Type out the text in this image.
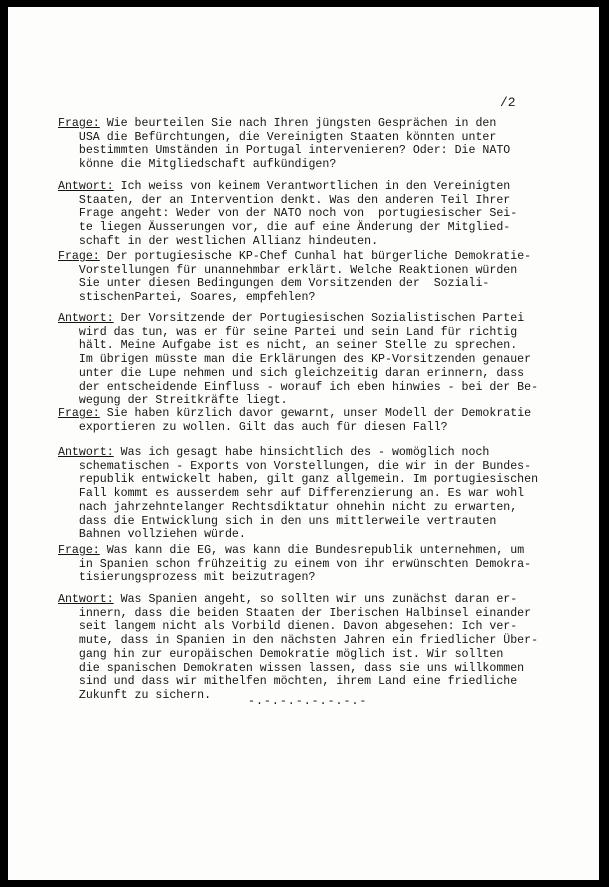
/2
Frage: Wie beurteilen Sie nach Ihren jüngsten Gesprächen in den
USA die Befürchtungen, die Vereinigten Staaten könnten unter
bestimmten Umständen in Portugal intervenieren? Oder: Die NATO
könne die Mitgliedschaft aufkündigen?
Antwort: Ich weiss von keinem Verantwortlichen in den Vereinigten
Staaten, der an Intervention denkt. Was den anderen Teil Ihrer
Frage angeht: Weder von der NATO noch von  portugiesischer Sei-
te liegen Äusserungen vor, die auf eine Änderung der Mitglied-
schaft in der westlichen Allianz hindeuten.
Frage: Der portugiesische KP-Chef Cunhal hat bürgerliche Demokratie-
Vorstellungen für unannehmbar erklärt. Welche Reaktionen würden
Sie unter diesen Bedingungen dem Vorsitzenden der  Soziali-
stischenPartei, Soares, empfehlen?
Antwort: Der Vorsitzende der Portugiesischen Sozialistischen Partei
wird das tun, was er für seine Partei und sein Land für richtig
hält. Meine Aufgabe ist es nicht, an seiner Stelle zu sprechen.
Im übrigen müsste man die Erklärungen des KP-Vorsitzenden genauer
unter die Lupe nehmen und sich gleichzeitig daran erinnern, dass
der entscheidende Einfluss - worauf ich eben hinwies - bei der Be-
wegung der Streitkräfte liegt.
Frage: Sie haben kürzlich davor gewarnt, unser Modell der Demokratie
exportieren zu wollen. Gilt das auch für diesen Fall?
Antwort: Was ich gesagt habe hinsichtlich des - womöglich noch
schematischen - Exports von Vorstellungen, die wir in der Bundes-
republik entwickelt haben, gilt ganz allgemein. Im portugiesischen
Fall kommt es ausserdem sehr auf Differenzierung an. Es war wohl
nach jahrzehntelanger Rechtsdiktatur ohnehin nicht zu erwarten,
dass die Entwicklung sich in den uns mittlerweile vertrauten
Bahnen vollziehen würde.
Frage: Was kann die EG, was kann die Bundesrepublik unternehmen, um
in Spanien schon frühzeitig zu einem von ihr erwünschten Demokra-
tisierungsprozess mit beizutragen?
Antwort: Was Spanien angeht, so sollten wir uns zunächst daran er-
innern, dass die beiden Staaten der Iberischen Halbinsel einander
seit langem nicht als Vorbild dienen. Davon abgesehen: Ich ver-
mute, dass in Spanien in den nächsten Jahren ein friedlicher Über-
gang hin zur europäischen Demokratie möglich ist. Wir sollten
die spanischen Demokraten wissen lassen, dass sie uns willkommen
sind und dass wir mithelfen möchten, ihrem Land eine friedliche
Zukunft zu sichern.	-.-.-.-.-.-.-.-
